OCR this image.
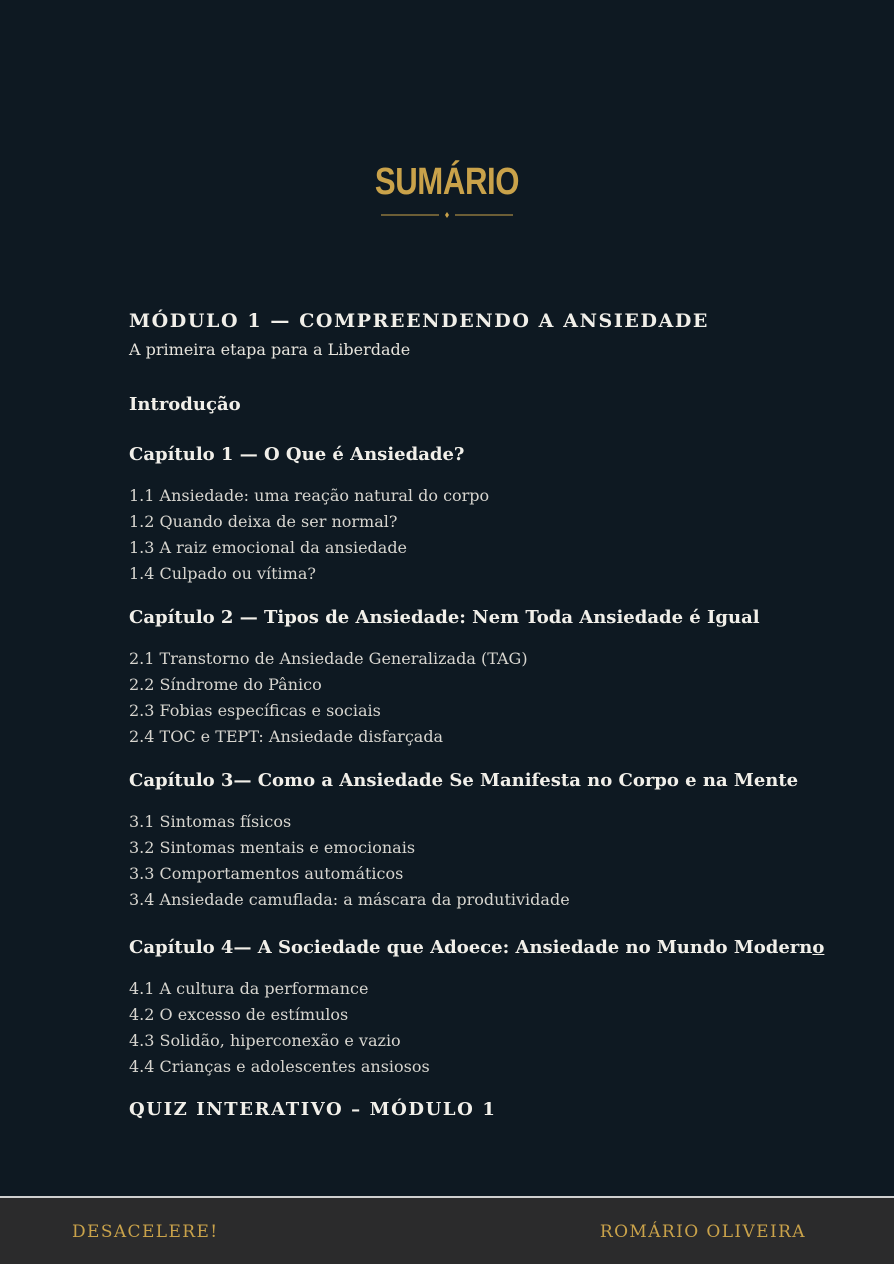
SUMÁRIO
MÓDULO 1 — COMPREENDENDO A ANSIEDADE

A primeira etapa para a Liberdade

Introdução
Capítulo 1 — O Que é Ansiedade?
1.1 Ansiedade: uma reação natural do corpo
1.2 Quando deixa de ser normal?
1.3 A raiz emocional da ansiedade
1.4 Culpado ou vítima?
Capítulo 2 — Tipos de Ansiedade: Nem Toda Ansiedade é Igual
2.1 Transtorno de Ansiedade Generalizada (TAG)
2.2 Síndrome do Pânico
2.3 Fobias específicas e sociais
2.4 TOC e TEPT: Ansiedade disfarçada
Capítulo 3— Como a Ansiedade Se Manifesta no Corpo e na Mente
3.1 Sintomas físicos
3.2 Sintomas mentais e emocionais
3.3 Comportamentos automáticos
3.4 Ansiedade camuflada: a máscara da produtividade
Capítulo 4— A Sociedade que Adoece: Ansiedade no Mundo Moderno
4.1 A cultura da performance
4.2 O excesso de estímulos
4.3 Solidão, hiperconexão e vazio
4.4 Crianças e adolescentes ansiosos
QUIZ INTERATIVO – MÓDULO 1
DESACELERE!	ROMÁRIO OLIVEIRA
